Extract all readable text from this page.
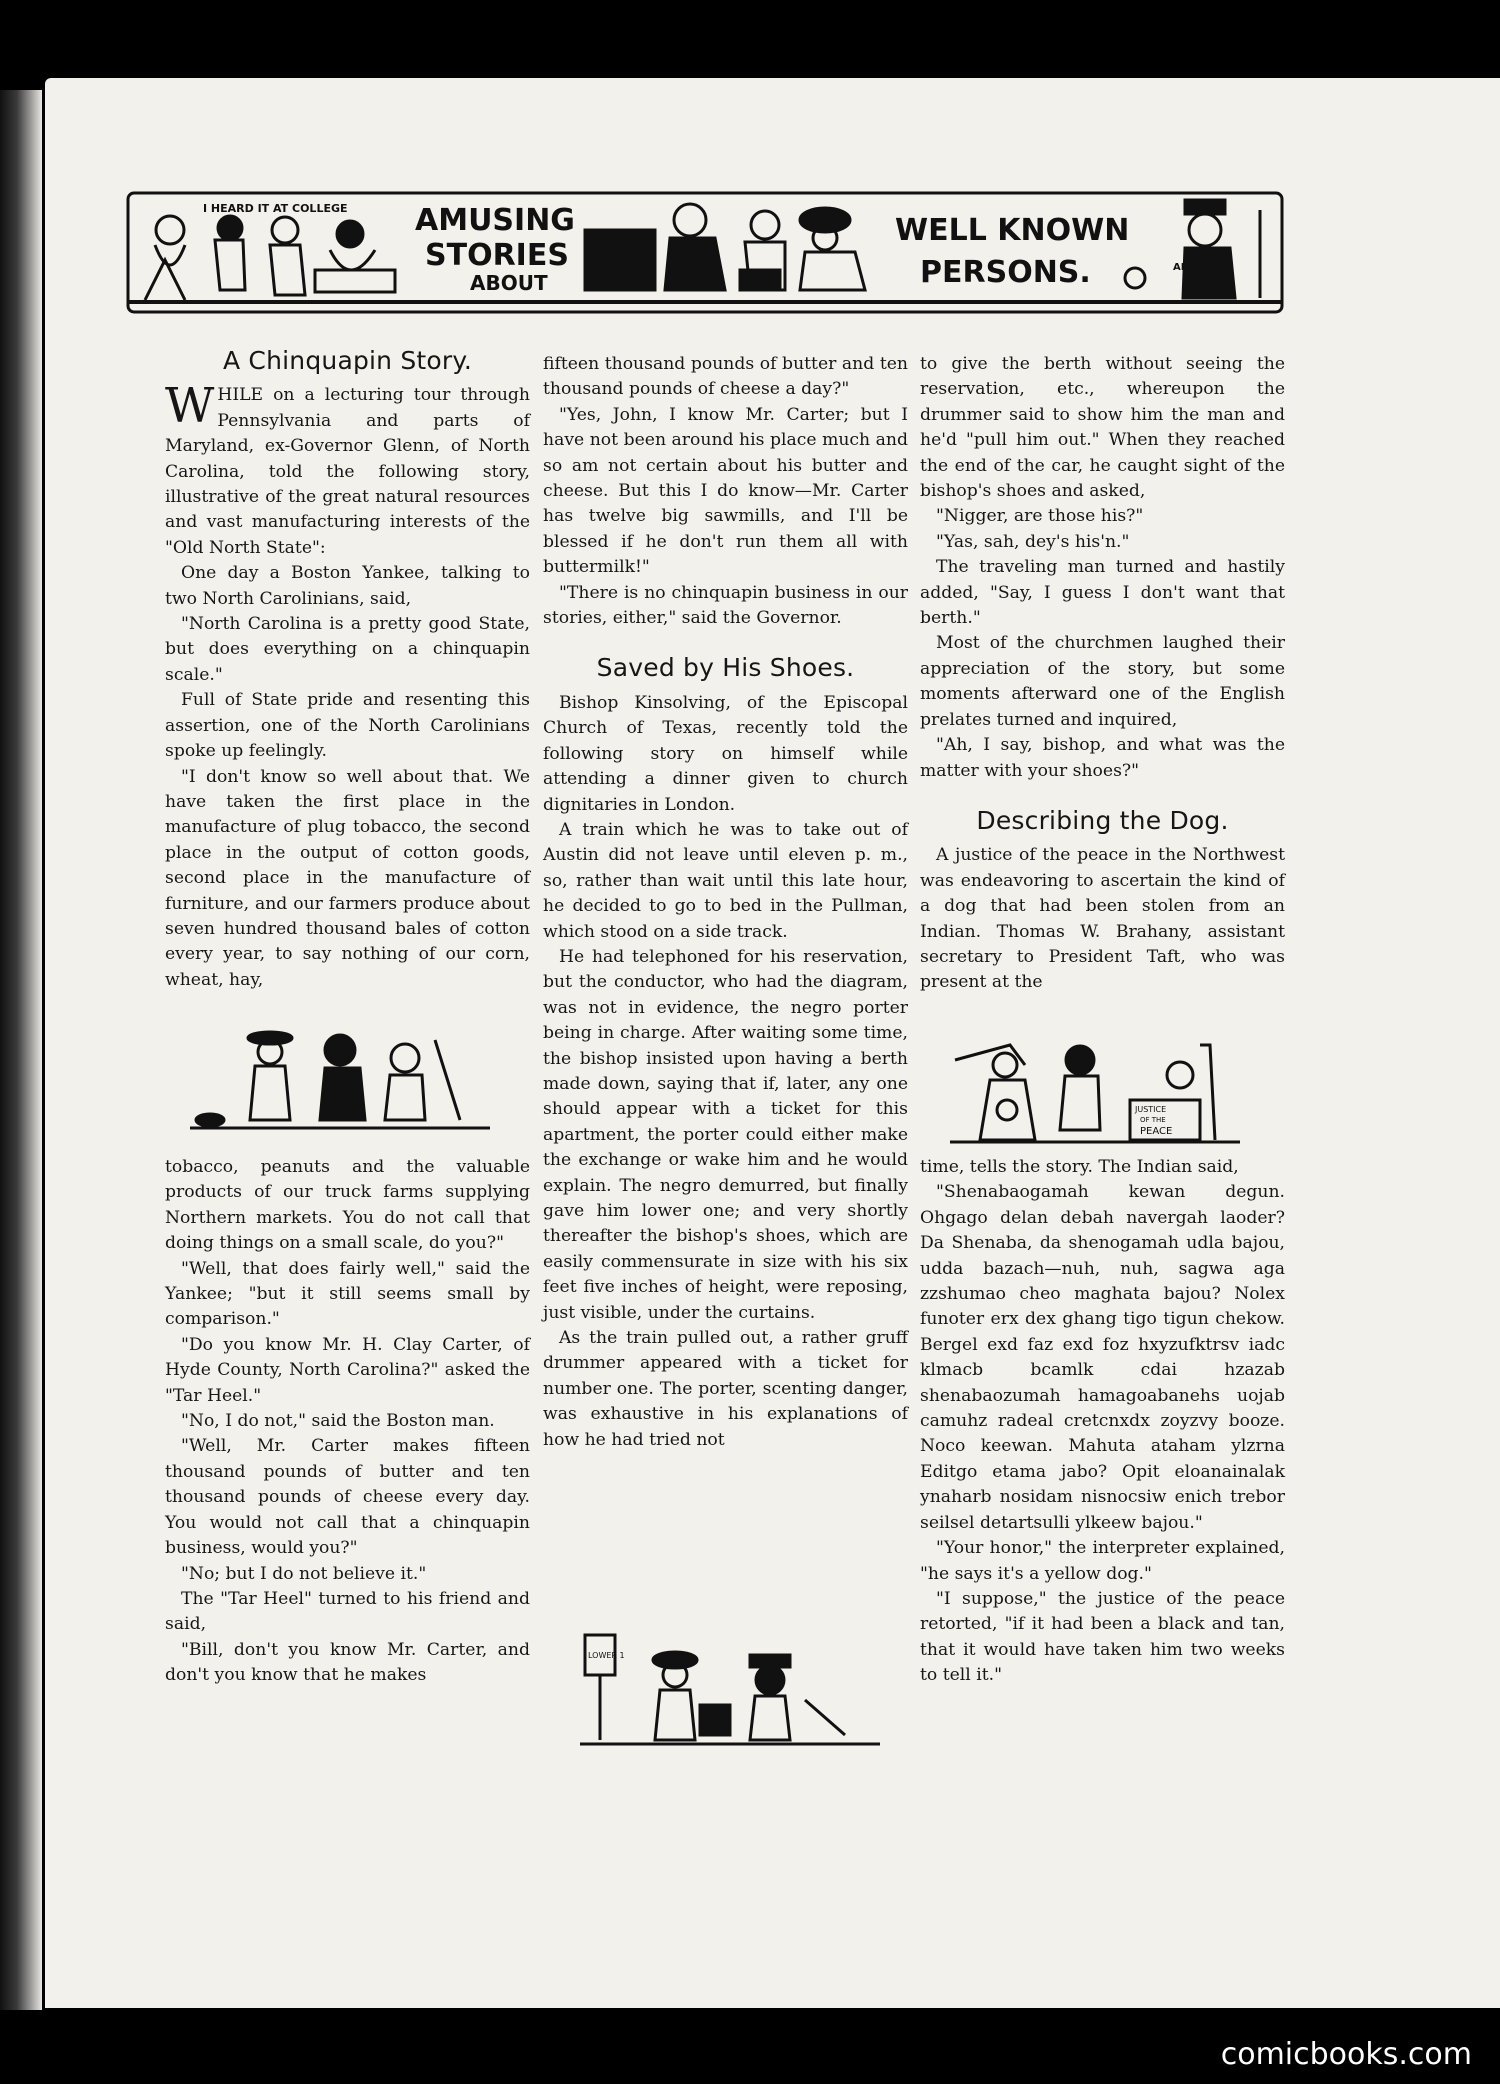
I HEARD IT AT COLLEGE AMUSING
STORIES
ABOUT
WELL KNOWN
PERSONS.	ALL OUT!
A Chinquapin Story.

WHILE on a lecturing tour through Pennsylvania and parts of Maryland, ex-Governor Glenn, of North Carolina, told the following story, illustrative of the great natural resources and vast manufacturing interests of the "Old North State":

One day a Boston Yankee, talking to two North Carolinians, said,

"North Carolina is a pretty good State, but does everything on a chinquapin scale."

Full of State pride and resenting this assertion, one of the North Carolinians spoke up feelingly.

"I don't know so well about that. We have taken the first place in the manufacture of plug tobacco, the second place in the output of cotton goods, second place in the manufacture of furniture, and our farmers produce about seven hundred thousand bales of cotton every year, to say nothing of our corn, wheat, hay,

tobacco, peanuts and the valuable products of our truck farms supplying Northern markets. You do not call that doing things on a small scale, do you?"

"Well, that does fairly well," said the Yankee; "but it still seems small by comparison."

"Do you know Mr. H. Clay Carter, of Hyde County, North Carolina?" asked the "Tar Heel."

"No, I do not," said the Boston man.

"Well, Mr. Carter makes fifteen thousand pounds of butter and ten thousand pounds of cheese every day. You would not call that a chinquapin business, would you?"

"No; but I do not believe it."

The "Tar Heel" turned to his friend and said,

"Bill, don't you know Mr. Carter, and don't you know that he makes

fifteen thousand pounds of butter and ten thousand pounds of cheese a day?"

"Yes, John, I know Mr. Carter; but I have not been around his place much and so am not certain about his butter and cheese. But this I do know—Mr. Carter has twelve big sawmills, and I'll be blessed if he don't run them all with buttermilk!"

"There is no chinquapin business in our stories, either," said the Governor.

Saved by His Shoes.

Bishop Kinsolving, of the Episcopal Church of Texas, recently told the following story on himself while attending a dinner given to church dignitaries in London.

A train which he was to take out of Austin did not leave until eleven p. m., so, rather than wait until this late hour, he decided to go to bed in the Pullman, which stood on a side track.

He had telephoned for his reservation, but the conductor, who had the diagram, was not in evidence, the negro porter being in charge. After waiting some time, the bishop insisted upon having a berth made down, saying that if, later, any one should appear with a ticket for this apartment, the porter could either make the exchange or wake him and he would explain. The negro demurred, but finally gave him lower one; and very shortly thereafter the bishop's shoes, which are easily commensurate in size with his six feet five inches of height, were reposing, just visible, under the curtains.

As the train pulled out, a rather gruff drummer appeared with a ticket for number one. The porter, scenting danger, was exhaustive in his explanations of how he had tried not

LOWER 1

to give the berth without seeing the reservation, etc., whereupon the drummer said to show him the man and he'd "pull him out." When they reached the end of the car, he caught sight of the bishop's shoes and asked,

"Nigger, are those his?"

"Yas, sah, dey's his'n."

The traveling man turned and hastily added, "Say, I guess I don't want that berth."

Most of the churchmen laughed their appreciation of the story, but some moments afterward one of the English prelates turned and inquired,

"Ah, I say, bishop, and what was the matter with your shoes?"

Describing the Dog.

A justice of the peace in the Northwest was endeavoring to ascertain the kind of a dog that had been stolen from an Indian. Thomas W. Brahany, assistant secretary to President Taft, who was present at the

JUSTICE
OF THE
PEACE

time, tells the story. The Indian said,

"Shenabaogamah kewan degun. Ohgago delan debah navergah laoder? Da Shenaba, da shenogamah udla bajou, udda bazach—nuh, nuh, sagwa aga zzshumao cheo maghata bajou? Nolex funoter erx dex ghang tigo tigun chekow. Bergel exd faz exd foz hxyzufktrsv iadc klmacb bcamlk cdai hzazab shenabaozumah hamagoabanehs uojab camuhz radeal cretcnxdx zoyzvy booze. Noco keewan. Mahuta ataham ylzrna Editgo etama jabo? Opit eloanainalak ynaharb nosidam nisnocsiw enich trebor seilsel detartsulli ylkeew bajou."

"Your honor," the interpreter explained, "he says it's a yellow dog."

"I suppose," the justice of the peace retorted, "if it had been a black and tan, that it would have taken him two weeks to tell it."

comicbooks.com
